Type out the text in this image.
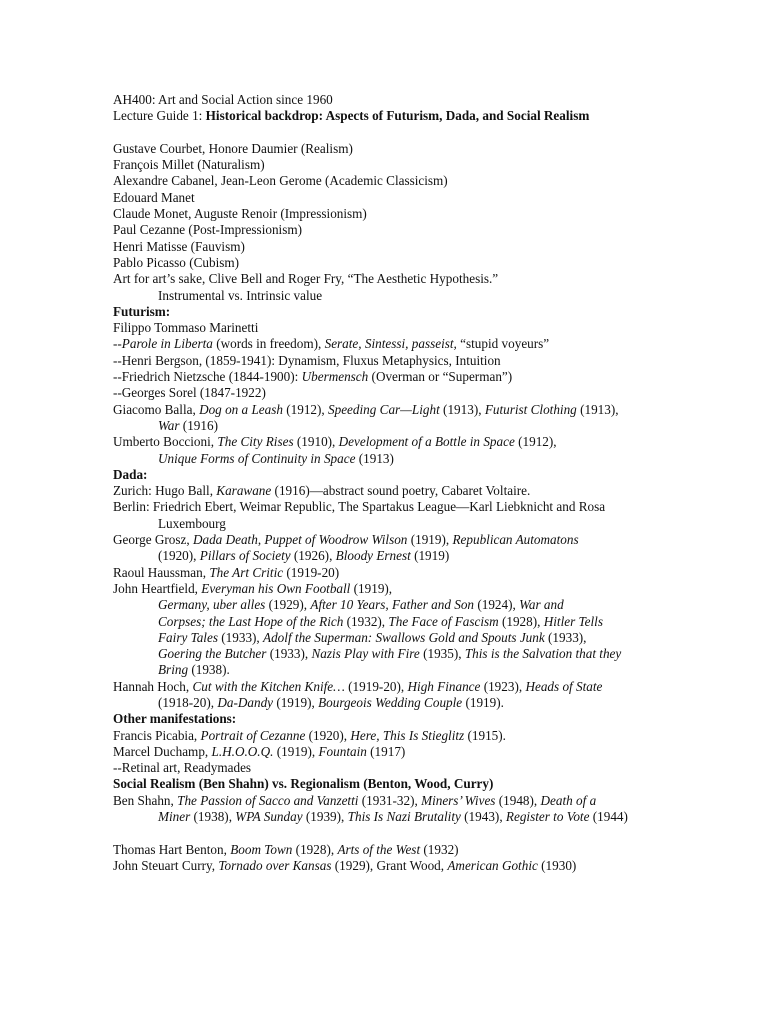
AH400: Art and Social Action since 1960
Lecture Guide 1: Historical backdrop: Aspects of Futurism, Dada, and Social Realism
Gustave Courbet, Honore Daumier (Realism)
François Millet (Naturalism)
Alexandre Cabanel, Jean-Leon Gerome (Academic Classicism)
Edouard Manet
Claude Monet, Auguste Renoir (Impressionism)
Paul Cezanne (Post-Impressionism)
Henri Matisse (Fauvism)
Pablo Picasso (Cubism)
Art for art’s sake, Clive Bell and Roger Fry, “The Aesthetic Hypothesis.”
Instrumental vs. Intrinsic value
Futurism:
Filippo Tommaso Marinetti
--Parole in Liberta (words in freedom), Serate, Sintessi, passeist, “stupid voyeurs”
--Henri Bergson, (1859-1941): Dynamism, Fluxus Metaphysics, Intuition
--Friedrich Nietzsche (1844-1900): Ubermensch (Overman or “Superman”)
--Georges Sorel (1847-1922)
Giacomo Balla, Dog on a Leash (1912), Speeding Car—Light (1913), Futurist Clothing (1913),
War (1916)
Umberto Boccioni, The City Rises (1910), Development of a Bottle in Space (1912),
Unique Forms of Continuity in Space (1913)
Dada:
Zurich: Hugo Ball, Karawane (1916)—abstract sound poetry, Cabaret Voltaire.
Berlin: Friedrich Ebert, Weimar Republic, The Spartakus League—Karl Liebknicht and Rosa
Luxembourg
George Grosz, Dada Death, Puppet of Woodrow Wilson (1919), Republican Automatons
(1920), Pillars of Society (1926), Bloody Ernest (1919)
Raoul Haussman, The Art Critic (1919-20)
John Heartfield, Everyman his Own Football (1919),
Germany, uber alles (1929), After 10 Years, Father and Son (1924), War and
Corpses; the Last Hope of the Rich (1932), The Face of Fascism (1928), Hitler Tells
Fairy Tales (1933), Adolf the Superman: Swallows Gold and Spouts Junk (1933),
Goering the Butcher (1933), Nazis Play with Fire (1935), This is the Salvation that they
Bring (1938).
Hannah Hoch, Cut with the Kitchen Knife… (1919-20), High Finance (1923), Heads of State
(1918-20), Da-Dandy (1919), Bourgeois Wedding Couple (1919).
Other manifestations:
Francis Picabia, Portrait of Cezanne (1920), Here, This Is Stieglitz (1915).
Marcel Duchamp, L.H.O.O.Q. (1919), Fountain (1917)
--Retinal art, Readymades
Social Realism (Ben Shahn) vs. Regionalism (Benton, Wood, Curry)
Ben Shahn, The Passion of Sacco and Vanzetti (1931-32), Miners’ Wives (1948), Death of a
Miner (1938), WPA Sunday (1939), This Is Nazi Brutality (1943), Register to Vote (1944)
Thomas Hart Benton, Boom Town (1928), Arts of the West (1932)
John Steuart Curry, Tornado over Kansas (1929), Grant Wood, American Gothic (1930)
